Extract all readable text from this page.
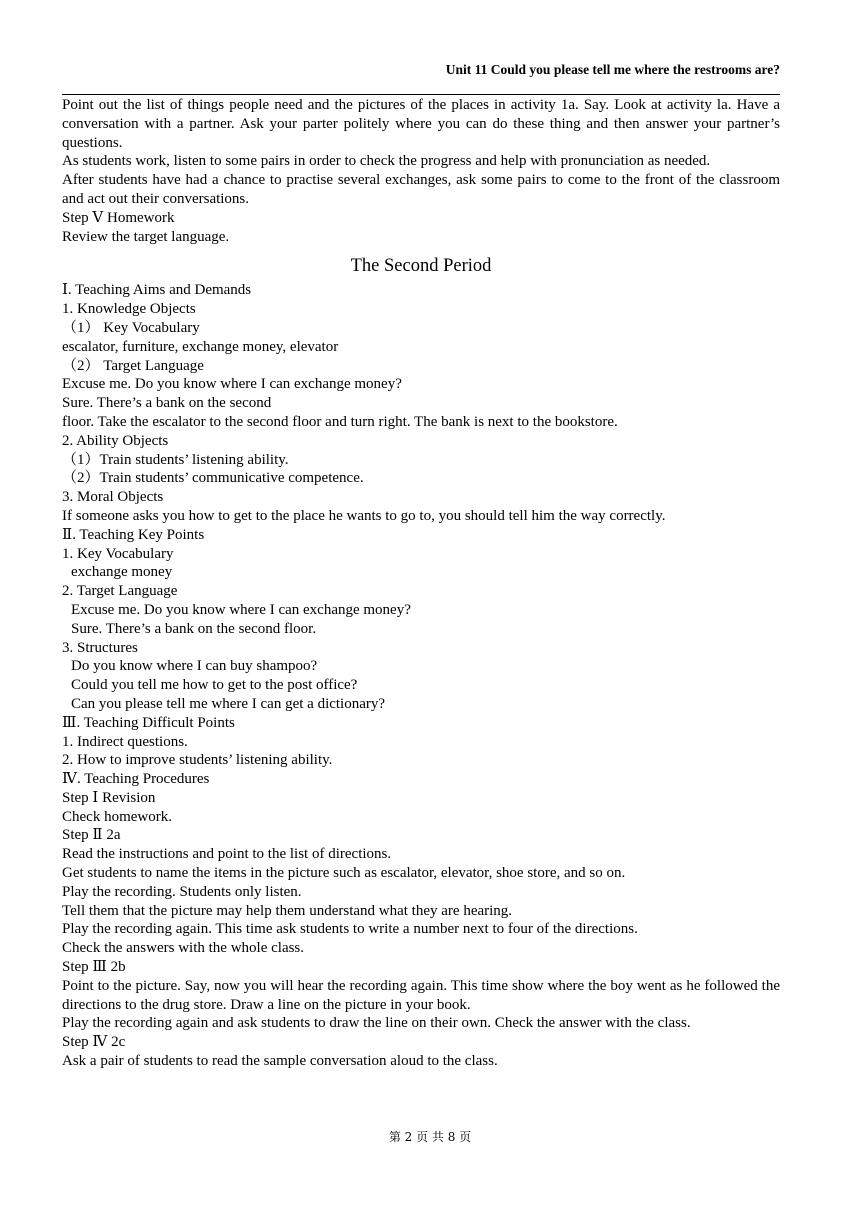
Unit 11 Could you please tell me where the restrooms are?

Point out the list of things people need and the pictures of the places in activity 1a. Say. Look at activity la. Have a conversation with a partner. Ask your parter politely where you can do these thing and then answer your partner’s questions.

As students work, listen to some pairs in order to check the progress and help with pronunciation as needed.

After students have had a chance to practise several exchanges, ask some pairs to come to the front of the classroom and act out their conversations.

Step Ⅴ Homework

Review the target language.

The Second Period

Ⅰ. Teaching Aims and Demands

1. Knowledge Objects

（1） Key Vocabulary

escalator, furniture, exchange money, elevator

（2） Target Language

Excuse me. Do you know where I can exchange money?

Sure. There’s a bank on the second

floor. Take the escalator to the second floor and turn right. The bank is next to the bookstore.

2. Ability Objects

（1）Train students’ listening ability.

（2）Train students’ communicative competence.

3. Moral Objects

If someone asks you how to get to the place he wants to go to, you should tell him the way correctly.

Ⅱ. Teaching Key Points

1. Key Vocabulary

exchange money

2. Target Language

Excuse me. Do you know where I can exchange money?

Sure. There’s a bank on the second floor.

3. Structures

Do you know where I can buy shampoo?

Could you tell me how to get to the post office?

Can you please tell me where I can get a dictionary?

Ⅲ. Teaching Difficult Points

1. Indirect questions.

2. How to improve students’ listening ability.

Ⅳ. Teaching Procedures

Step Ⅰ Revision

Check homework.

Step Ⅱ 2a

Read the instructions and point to the list of directions.

Get students to name the items in the picture such as escalator, elevator, shoe store, and so on.

Play the recording. Students only listen.

Tell them that the picture may help them understand what they are hearing.

Play the recording again. This time ask students to write a number next to four of the directions.

Check the answers with the whole class.

Step Ⅲ 2b

Point to the picture. Say, now you will hear the recording again. This time show where the boy went as he followed the directions to the drug store. Draw a line on the picture in your book.

Play the recording again and ask students to draw the line on their own. Check the answer with the class.

Step Ⅳ 2c

Ask a pair of students to read the sample conversation aloud to the class.

第 2 页 共 8 页
